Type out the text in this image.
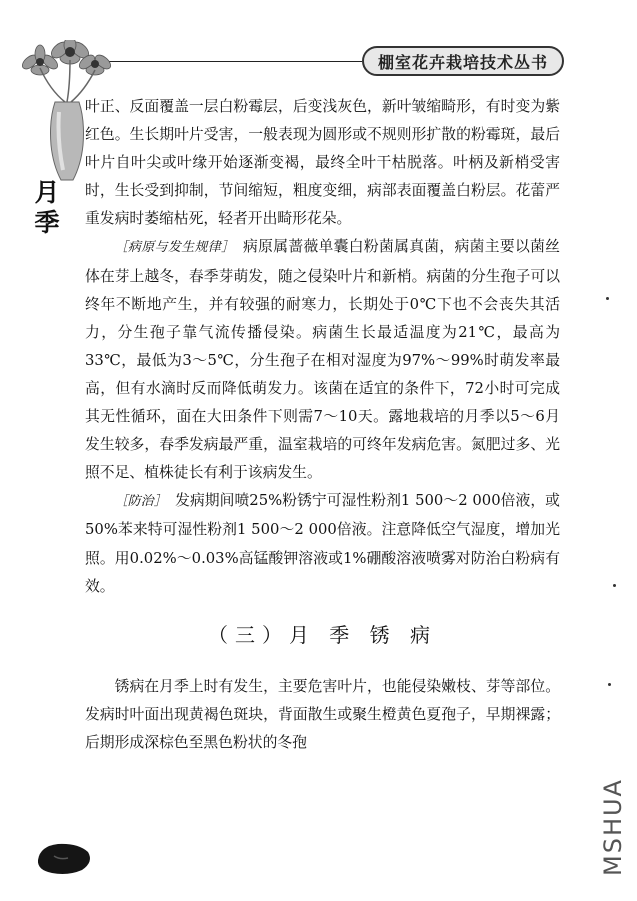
棚室花卉栽培技术丛书
月
季

叶正、反面覆盖一层白粉霉层，后变浅灰色，新叶皱缩畸形，有时变为紫红色。生长期叶片受害，一般表现为圆形或不规则形扩散的粉霉斑，最后叶片自叶尖或叶缘开始逐渐变褐，最终全叶干枯脱落。叶柄及新梢受害时，生长受到抑制，节间缩短，粗度变细，病部表面覆盖白粉层。花蕾严重发病时萎缩枯死，轻者开出畸形花朵。

［病原与发生规律］　 病原属蔷薇单囊白粉菌属真菌，病菌主要以菌丝体在芽上越冬，春季芽萌发，随之侵染叶片和新梢。病菌的分生孢子可以终年不断地产生，并有较强的耐寒力，长期处于0℃下也不会丧失其活力，分生孢子靠气流传播侵染。病菌生长最适温度为21℃，最高为33℃，最低为3～5℃，分生孢子在相对湿度为97%～99%时萌发率最高，但有水滴时反而降低萌发力。该菌在适宜的条件下，72小时可完成其无性循环，面在大田条件下则需7～10天。露地栽培的月季以5～6月发生较多，春季发病最严重，温室栽培的可终年发病危害。氮肥过多、光照不足、植株徒长有利于该病发生。

［防治］　 发病期间喷25%粉锈宁可湿性粉剂1 500～2 000倍液，或50%苯来特可湿性粉剂1 500～2 000倍液。注意降低空气湿度，增加光照。用0.02%～0.03%高锰酸钾溶液或1%硼酸溶液喷雾对防治白粉病有效。

（三）月 季 锈 病

锈病在月季上时有发生，主要危害叶片，也能侵染嫩枝、芽等部位。发病时叶面出现黄褐色斑块，背面散生或聚生橙黄色夏孢子，早期裸露；后期形成深棕色至黑色粉状的冬孢

MSHUA
